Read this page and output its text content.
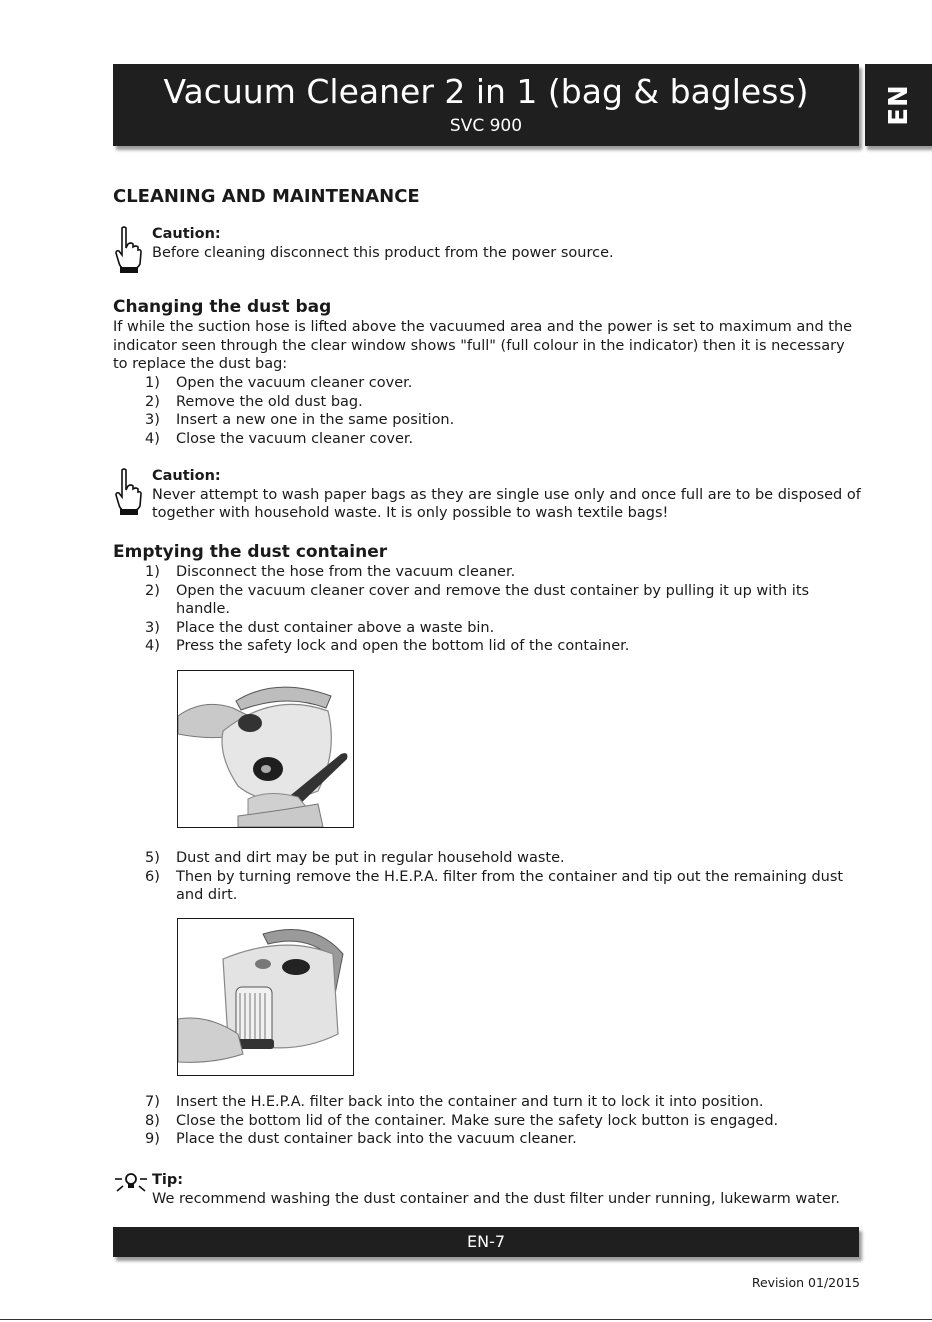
Vacuum Cleaner 2 in 1 (bag & bagless)
SVC 900
EN
CLEANING AND MAINTENANCE
Caution:
Before cleaning disconnect this product from the power source.
Changing the dust bag
If while the suction hose is lifted above the vacuumed area and the power is set to maximum and the indicator seen through the clear window shows "full" (full colour in the indicator) then it is necessary to replace the dust bag:
1) Open the vacuum cleaner cover.
2) Remove the old dust bag.
3) Insert a new one in the same position.
4) Close the vacuum cleaner cover.
Caution:
Never attempt to wash paper bags as they are single use only and once full are to be disposed of together with household waste. It is only possible to wash textile bags!
Emptying the dust container
1) Disconnect the hose from the vacuum cleaner.
2) Open the vacuum cleaner cover and remove the dust container by pulling it up with its handle.
3) Place the dust container above a waste bin.
4) Press the safety lock and open the bottom lid of the container.
5) Dust and dirt may be put in regular household waste.
6) Then by turning remove the H.E.P.A. filter from the container and tip out the remaining dust and dirt.
7) Insert the H.E.P.A. filter back into the container and turn it to lock it into position.
8) Close the bottom lid of the container. Make sure the safety lock button is engaged.
9) Place the dust container back into the vacuum cleaner.
Tip:
We recommend washing the dust container and the dust filter under running, lukewarm water.
EN-7
Revision 01/2015
